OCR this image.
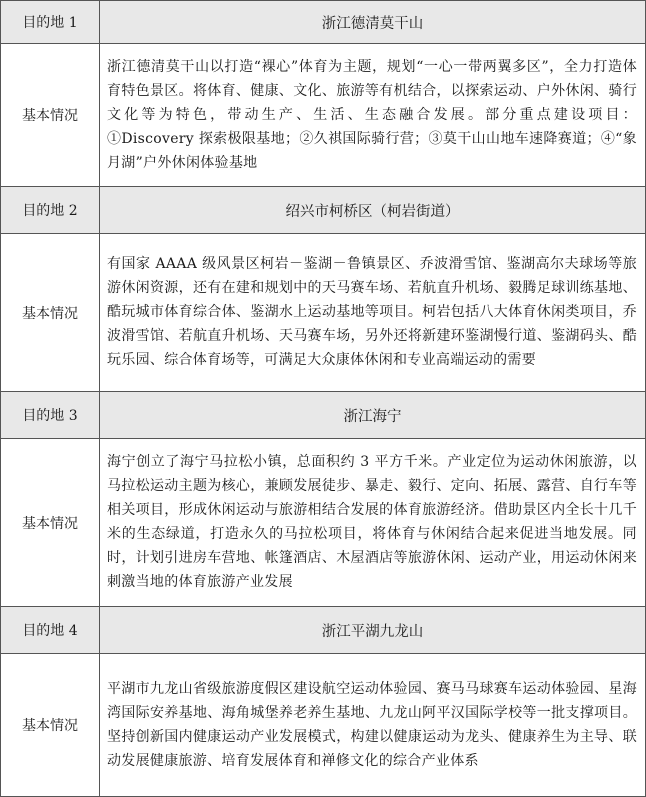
目的地 1	浙江德清莫干山
基本情况	浙江德清莫干山以打造“裸心”体育为主题，规划“一心一带两翼多区”，全力打造体育特色景区。将体育、健康、文化、旅游等有机结合，以探索运动、户外休闲、骑行文化等为特色，带动生产、生活、生态融合发展。部分重点建设项目：①Discovery 探索极限基地；②久祺国际骑行营；③莫干山山地车速降赛道；④“象月湖”户外休闲体验基地
目的地 2	绍兴市柯桥区（柯岩街道）
基本情况	有国家 AAAA 级风景区柯岩－鉴湖－鲁镇景区、乔波滑雪馆、鉴湖高尔夫球场等旅游休闲资源，还有在建和规划中的天马赛车场、若航直升机场、毅腾足球训练基地、酷玩城市体育综合体、鉴湖水上运动基地等项目。柯岩包括八大体育休闲类项目，乔波滑雪馆、若航直升机场、天马赛车场，另外还将新建环鉴湖慢行道、鉴湖码头、酷玩乐园、综合体育场等，可满足大众康体休闲和专业高端运动的需要
目的地 3	浙江海宁
基本情况	海宁创立了海宁马拉松小镇，总面积约 3 平方千米。产业定位为运动休闲旅游，以马拉松运动主题为核心，兼顾发展徒步、暴走、毅行、定向、拓展、露营、自行车等相关项目，形成休闲运动与旅游相结合发展的体育旅游经济。借助景区内全长十几千米的生态绿道，打造永久的马拉松项目，将体育与休闲结合起来促进当地发展。同时，计划引进房车营地、帐篷酒店、木屋酒店等旅游休闲、运动产业，用运动休闲来刺激当地的体育旅游产业发展
目的地 4	浙江平湖九龙山
基本情况	平湖市九龙山省级旅游度假区建设航空运动体验园、赛马马球赛车运动体验园、星海湾国际安养基地、海角城堡养老养生基地、九龙山阿平汉国际学校等一批支撑项目。坚持创新国内健康运动产业发展模式，构建以健康运动为龙头、健康养生为主导、联动发展健康旅游、培育发展体育和禅修文化的综合产业体系
